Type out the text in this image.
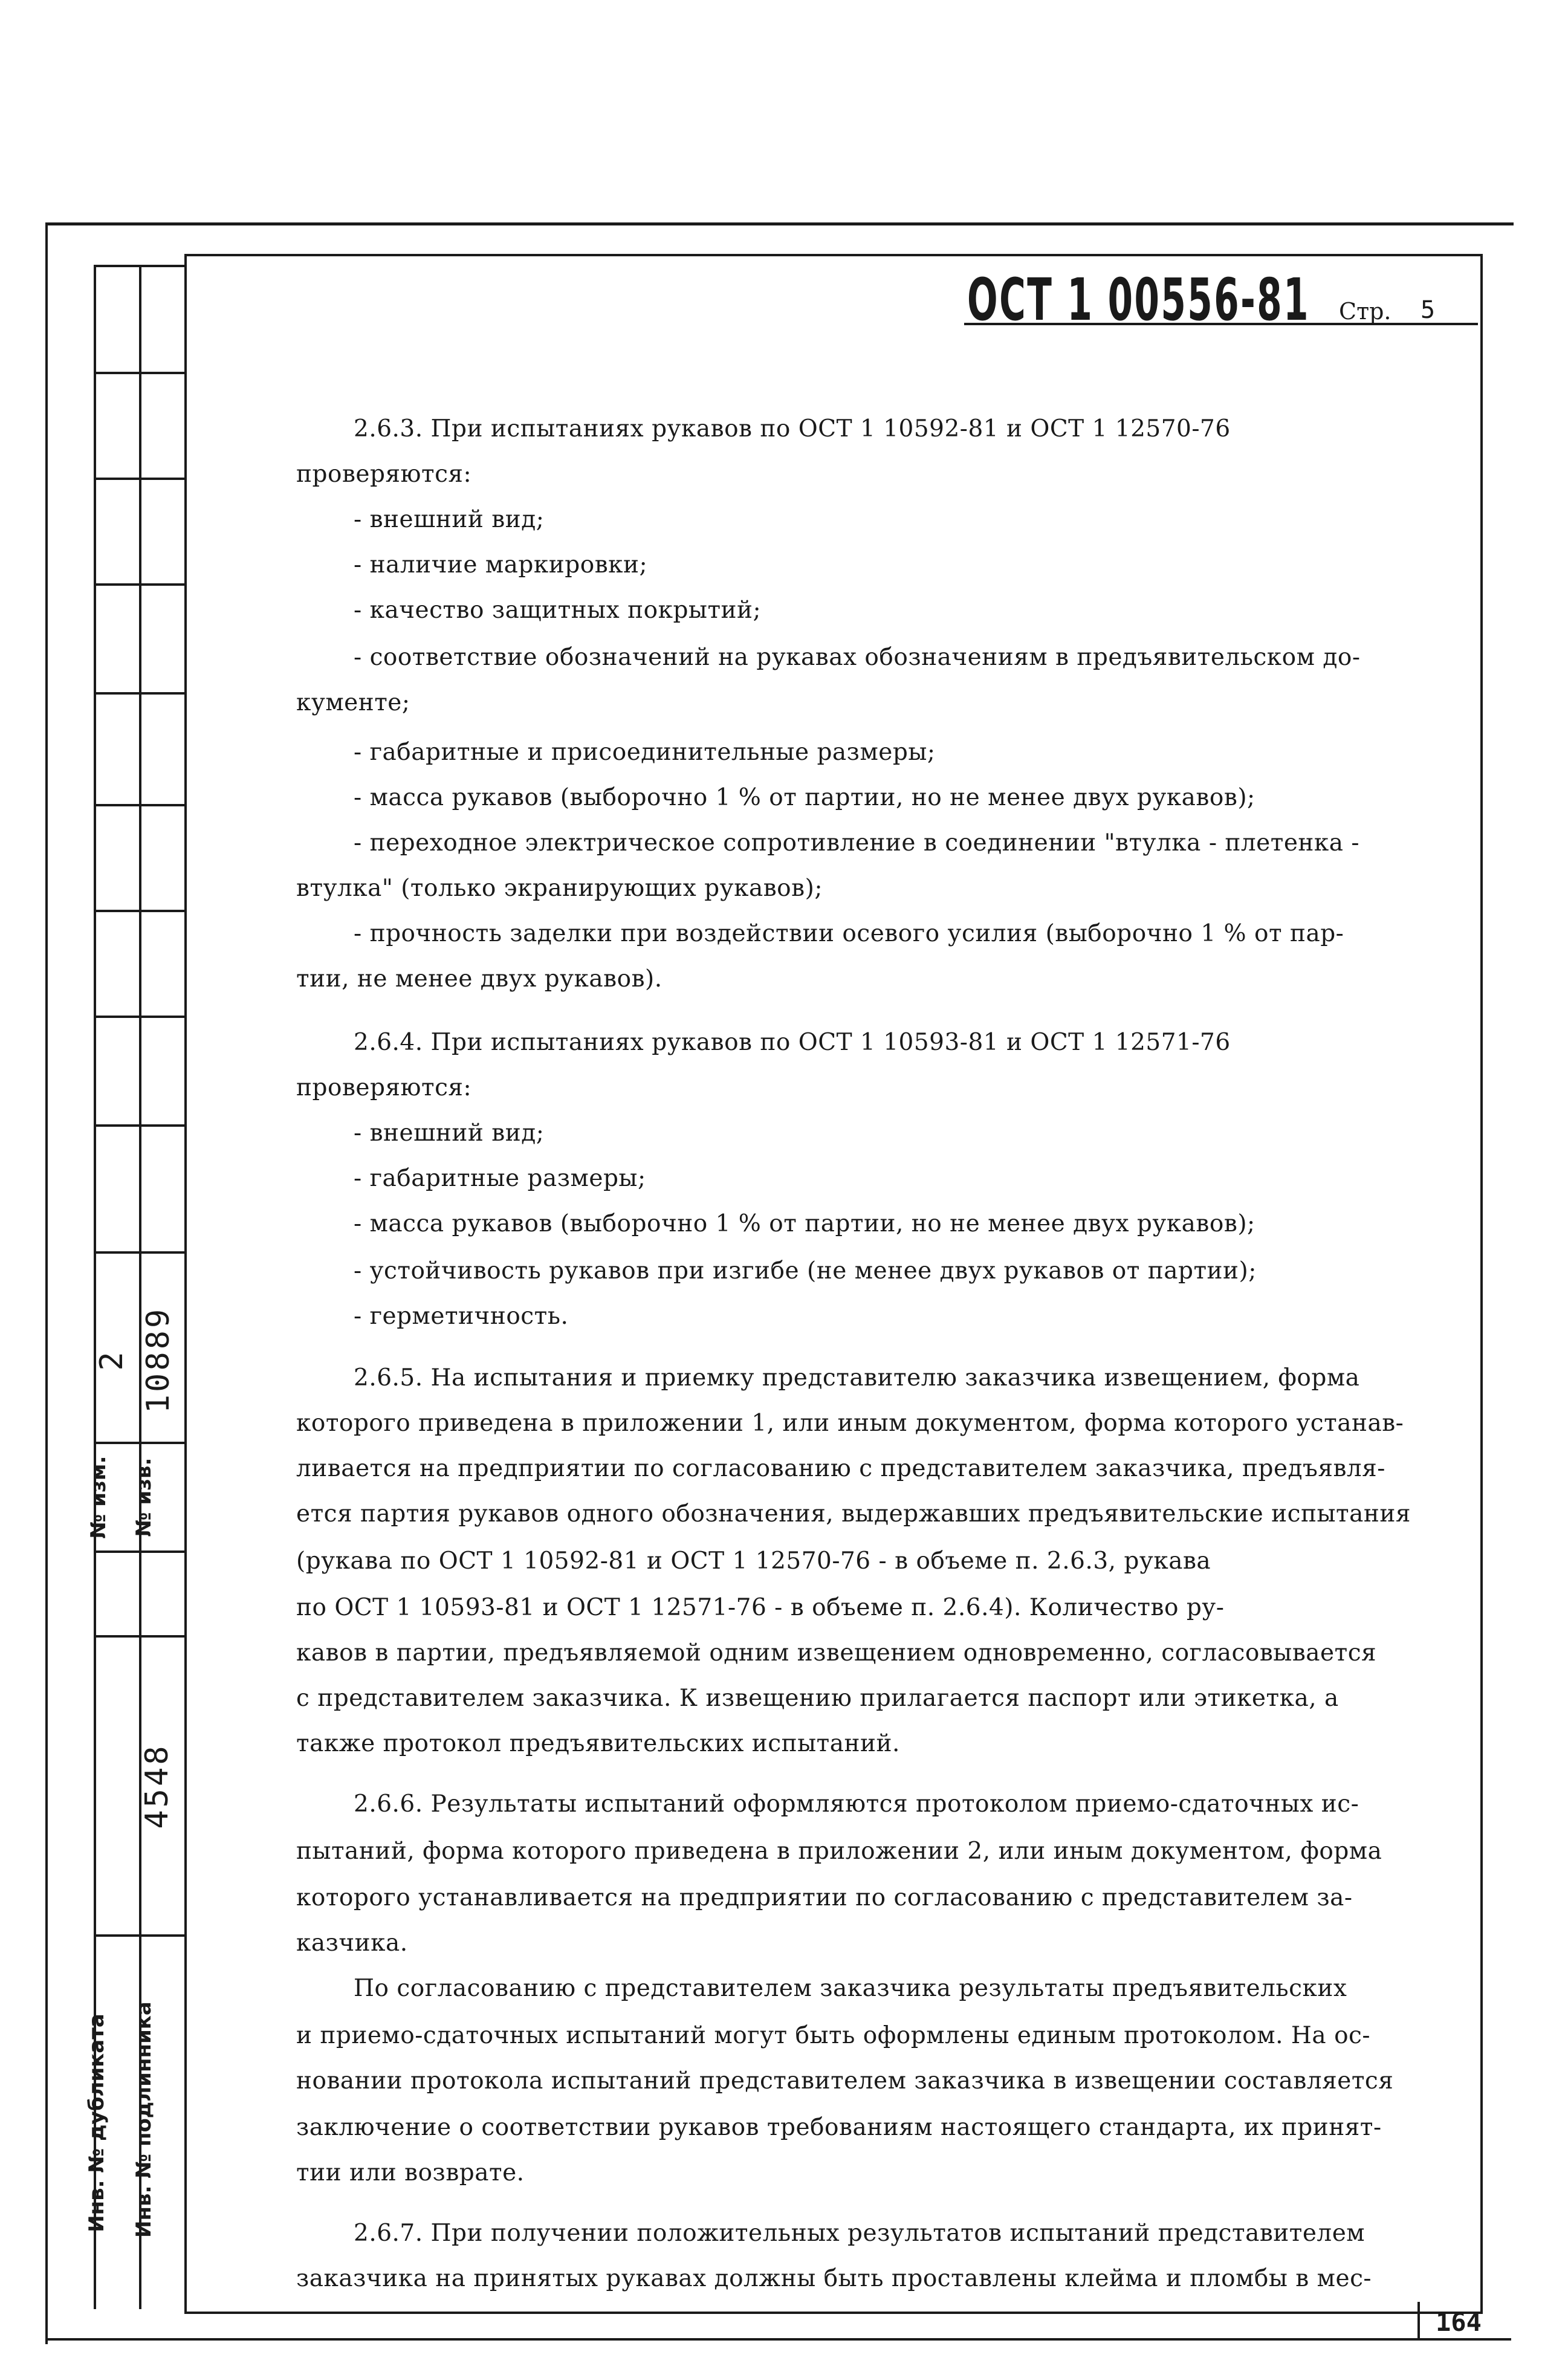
2 10889
№ изм. № изв.
4548
Инв. № дубликата Инв. № подлинника
ОСТ 1 00556-81 Стр. 5
2.6.3. При испытаниях рукавов по ОСТ 1 10592-81 и ОСТ 1 12570-76
проверяются:
- внешний вид;
- наличие маркировки;
- качество защитных покрытий;
- соответствие обозначений на рукавах обозначениям в предъявительском до-
кументе;
- габаритные и присоединительные размеры;
- масса рукавов (выборочно 1 % от партии, но не менее двух рукавов);
- переходное электрическое сопротивление в соединении "втулка - плетенка -
втулка" (только экранирующих рукавов);
- прочность заделки при воздействии осевого усилия (выборочно 1 % от пар-
тии, не менее двух рукавов).
2.6.4. При испытаниях рукавов по ОСТ 1 10593-81 и ОСТ 1 12571-76
проверяются:
- внешний вид;
- габаритные размеры;
- масса рукавов (выборочно 1 % от партии, но не менее двух рукавов);
- устойчивость рукавов при изгибе (не менее двух рукавов от партии);
- герметичность.
2.6.5. На испытания и приемку представителю заказчика извещением, форма
которого приведена в приложении 1, или иным документом, форма которого устанав-
ливается на предприятии по согласованию с представителем заказчика, предъявля-
ется партия рукавов одного обозначения, выдержавших предъявительские испытания
(рукава по ОСТ 1 10592-81 и ОСТ 1 12570-76 - в объеме п. 2.6.3, рукава
по ОСТ 1 10593-81 и ОСТ 1 12571-76 - в объеме п. 2.6.4). Количество ру-
кавов в партии, предъявляемой одним извещением одновременно, согласовывается
с представителем заказчика. К извещению прилагается паспорт или этикетка, а
также протокол предъявительских испытаний.
2.6.6. Результаты испытаний оформляются протоколом приемо-сдаточных ис-
пытаний, форма которого приведена в приложении 2, или иным документом, форма
которого устанавливается на предприятии по согласованию с представителем за-
казчика.
По согласованию с представителем заказчика результаты предъявительских
и приемо-сдаточных испытаний могут быть оформлены единым протоколом. На ос-
новании протокола испытаний представителем заказчика в извещении составляется
заключение о соответствии рукавов требованиям настоящего стандарта, их принят-
тии или возврате.
2.6.7. При получении положительных результатов испытаний представителем
заказчика на принятых рукавах должны быть проставлены клейма и пломбы в мес-
164
